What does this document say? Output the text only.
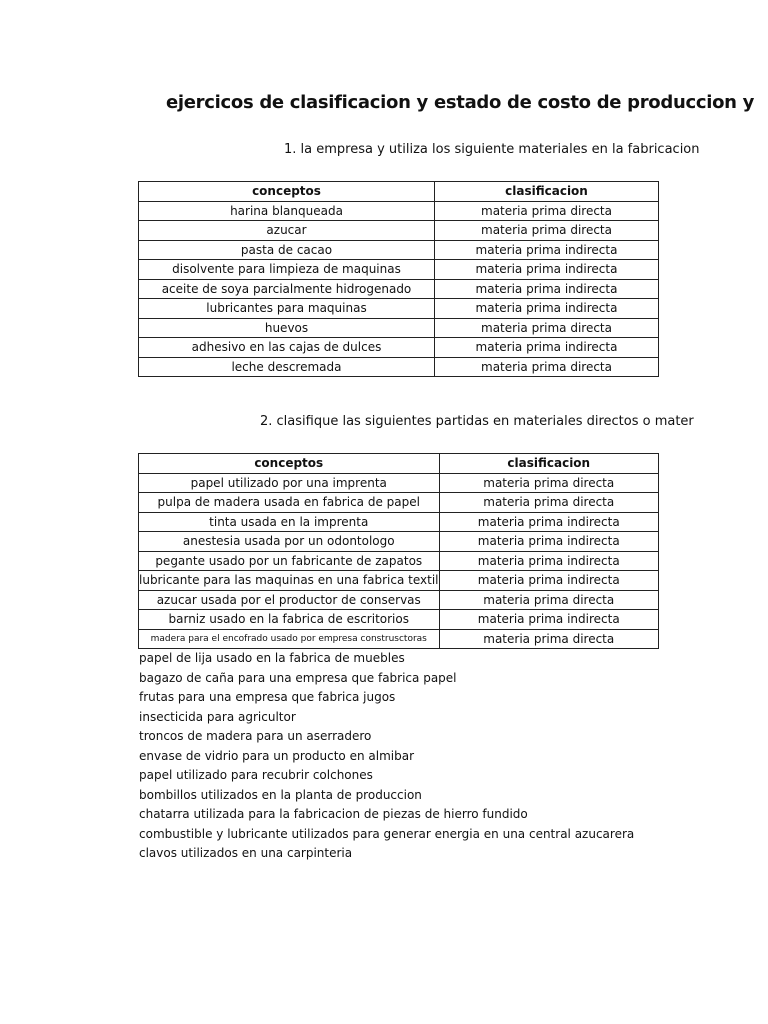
ejercicos de clasificacion y estado de costo de produccion y
1. la empresa y utiliza los siguiente materiales en la fabricacion
conceptos	clasificacion
harina blanqueada	materia prima directa
azucar	materia prima directa
pasta de cacao	materia prima indirecta
disolvente para limpieza de maquinas	materia prima indirecta
aceite de soya parcialmente hidrogenado	materia prima indirecta
lubricantes para maquinas	materia prima indirecta
huevos	materia prima directa
adhesivo en las cajas de dulces	materia prima indirecta
leche descremada	materia prima directa
2. clasifique las siguientes partidas en materiales directos o mater
conceptos	clasificacion
papel utilizado por una imprenta	materia prima directa
pulpa de madera usada en fabrica de papel	materia prima directa
tinta usada en la imprenta	materia prima indirecta
anestesia usada por un odontologo	materia prima indirecta
pegante usado por un fabricante de zapatos	materia prima indirecta
lubricante para las maquinas en una fabrica textil	materia prima indirecta
azucar usada por el productor de conservas	materia prima directa
barniz usado en la fabrica de escritorios	materia prima indirecta
madera para el encofrado usado por empresa construsctoras	materia prima directa
papel de lija usado en la fabrica de muebles
bagazo de caña para una empresa que fabrica papel
frutas para una empresa que fabrica jugos
insecticida para agricultor
troncos de madera para un aserradero
envase de vidrio para un producto en almibar
papel utilizado para recubrir colchones
bombillos utilizados en la planta de produccion
chatarra utilizada para la fabricacion de piezas de hierro fundido
combustible y lubricante utilizados para generar energia en una central azucarera
clavos utilizados en una carpinteria
